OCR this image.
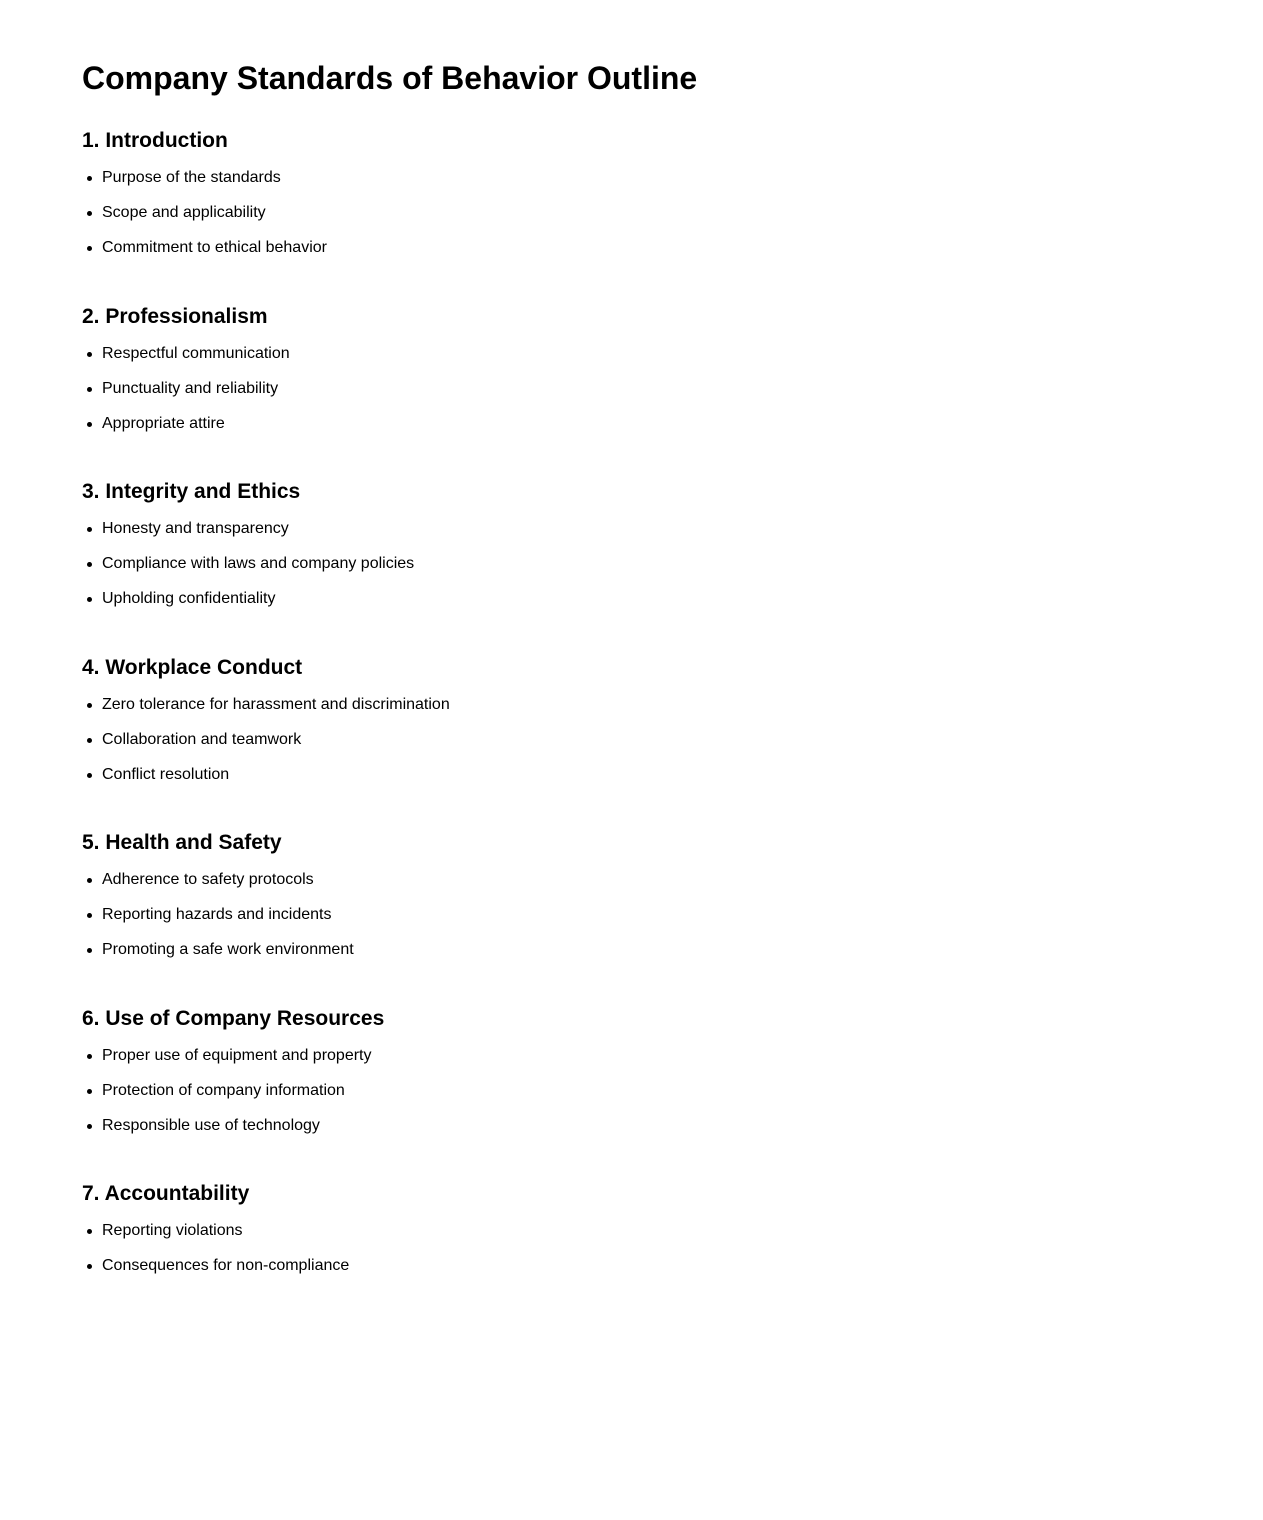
Company Standards of Behavior Outline
1. Introduction
Purpose of the standards
Scope and applicability
Commitment to ethical behavior
2. Professionalism
Respectful communication
Punctuality and reliability
Appropriate attire
3. Integrity and Ethics
Honesty and transparency
Compliance with laws and company policies
Upholding confidentiality
4. Workplace Conduct
Zero tolerance for harassment and discrimination
Collaboration and teamwork
Conflict resolution
5. Health and Safety
Adherence to safety protocols
Reporting hazards and incidents
Promoting a safe work environment
6. Use of Company Resources
Proper use of equipment and property
Protection of company information
Responsible use of technology
7. Accountability
Reporting violations
Consequences for non-compliance
